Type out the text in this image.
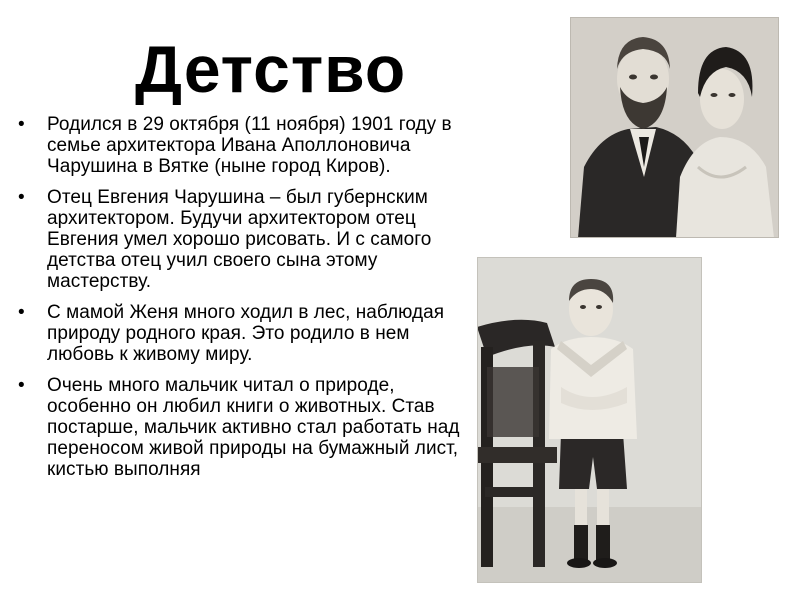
Детство
• Родился в 29 октября (11 ноября) 1901 году в семье архитектора Ивана Аполлоновича Чарушина в Вятке (ныне город Киров).
• Отец Евгения Чарушина – был губернским архитектором. Будучи архитектором отец Евгения умел хорошо рисовать. И с самого детства отец учил своего сына этому мастерству.
• С мамой Женя много ходил в лес, наблюдая природу родного края. Это родило в нем любовь к живому миру.
• Очень много мальчик читал о природе, особенно он любил книги о животных. Став постарше, мальчик активно стал работать над переносом живой природы на бумажный лист, кистью выполняя
